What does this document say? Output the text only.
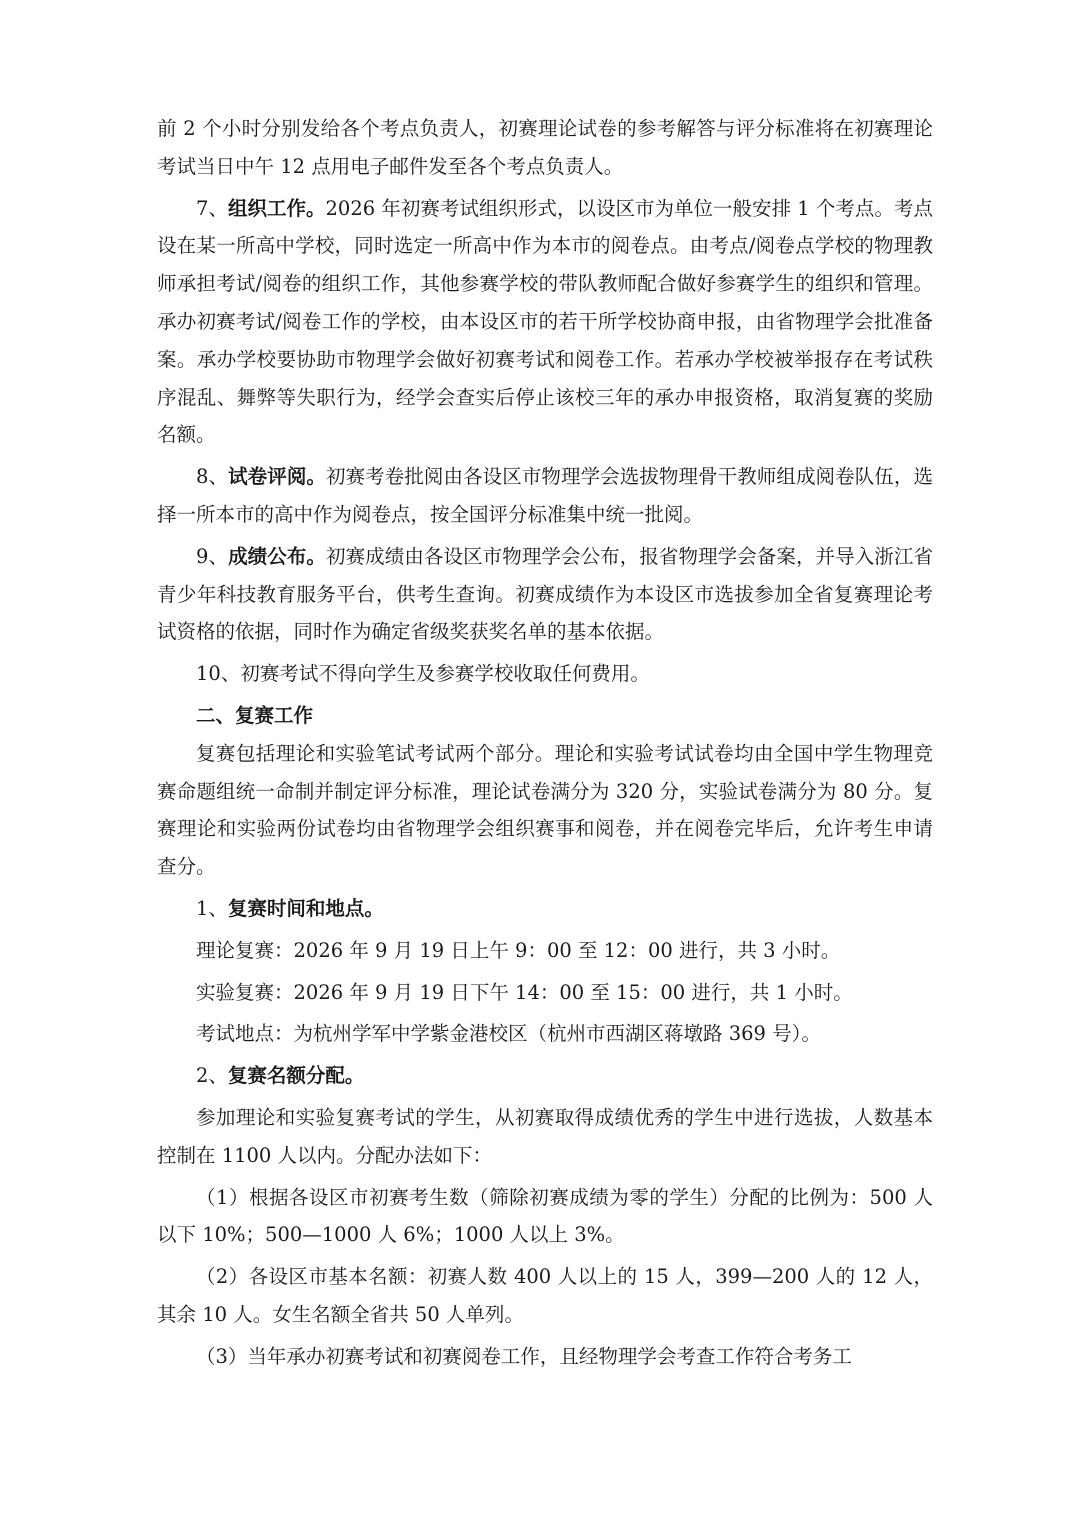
前 2 个小时分别发给各个考点负责人，初赛理论试卷的参考解答与评分标准将在初赛理论考试当日中午 12 点用电子邮件发至各个考点负责人。

7、组织工作。2026 年初赛考试组织形式，以设区市为单位一般安排 1 个考点。考点设在某一所高中学校，同时选定一所高中作为本市的阅卷点。由考点/阅卷点学校的物理教师承担考试/阅卷的组织工作，其他参赛学校的带队教师配合做好参赛学生的组织和管理。承办初赛考试/阅卷工作的学校，由本设区市的若干所学校协商申报，由省物理学会批准备案。承办学校要协助市物理学会做好初赛考试和阅卷工作。若承办学校被举报存在考试秩序混乱、舞弊等失职行为，经学会查实后停止该校三年的承办申报资格，取消复赛的奖励名额。

8、试卷评阅。初赛考卷批阅由各设区市物理学会选拔物理骨干教师组成阅卷队伍，选择一所本市的高中作为阅卷点，按全国评分标准集中统一批阅。

9、成绩公布。初赛成绩由各设区市物理学会公布，报省物理学会备案，并导入浙江省青少年科技教育服务平台，供考生查询。初赛成绩作为本设区市选拔参加全省复赛理论考试资格的依据，同时作为确定省级奖获奖名单的基本依据。

10、初赛考试不得向学生及参赛学校收取任何费用。

二、复赛工作

复赛包括理论和实验笔试考试两个部分。理论和实验考试试卷均由全国中学生物理竞赛命题组统一命制并制定评分标准，理论试卷满分为 320 分，实验试卷满分为 80 分。复赛理论和实验两份试卷均由省物理学会组织赛事和阅卷，并在阅卷完毕后，允许考生申请查分。

1、复赛时间和地点。

理论复赛：2026 年 9 月 19 日上午 9：00 至 12：00 进行，共 3 小时。

实验复赛：2026 年 9 月 19 日下午 14：00 至 15：00 进行，共 1 小时。

考试地点：为杭州学军中学紫金港校区（杭州市西湖区蒋墩路 369 号）。

2、复赛名额分配。

参加理论和实验复赛考试的学生，从初赛取得成绩优秀的学生中进行选拔，人数基本控制在 1100 人以内。分配办法如下：

（1）根据各设区市初赛考生数（筛除初赛成绩为零的学生）分配的比例为：500 人以下 10%；500—1000 人 6%；1000 人以上 3%。

（2）各设区市基本名额：初赛人数 400 人以上的 15 人，399—200 人的 12 人，其余 10 人。女生名额全省共 50 人单列。

（3）当年承办初赛考试和初赛阅卷工作，且经物理学会考查工作符合考务工
